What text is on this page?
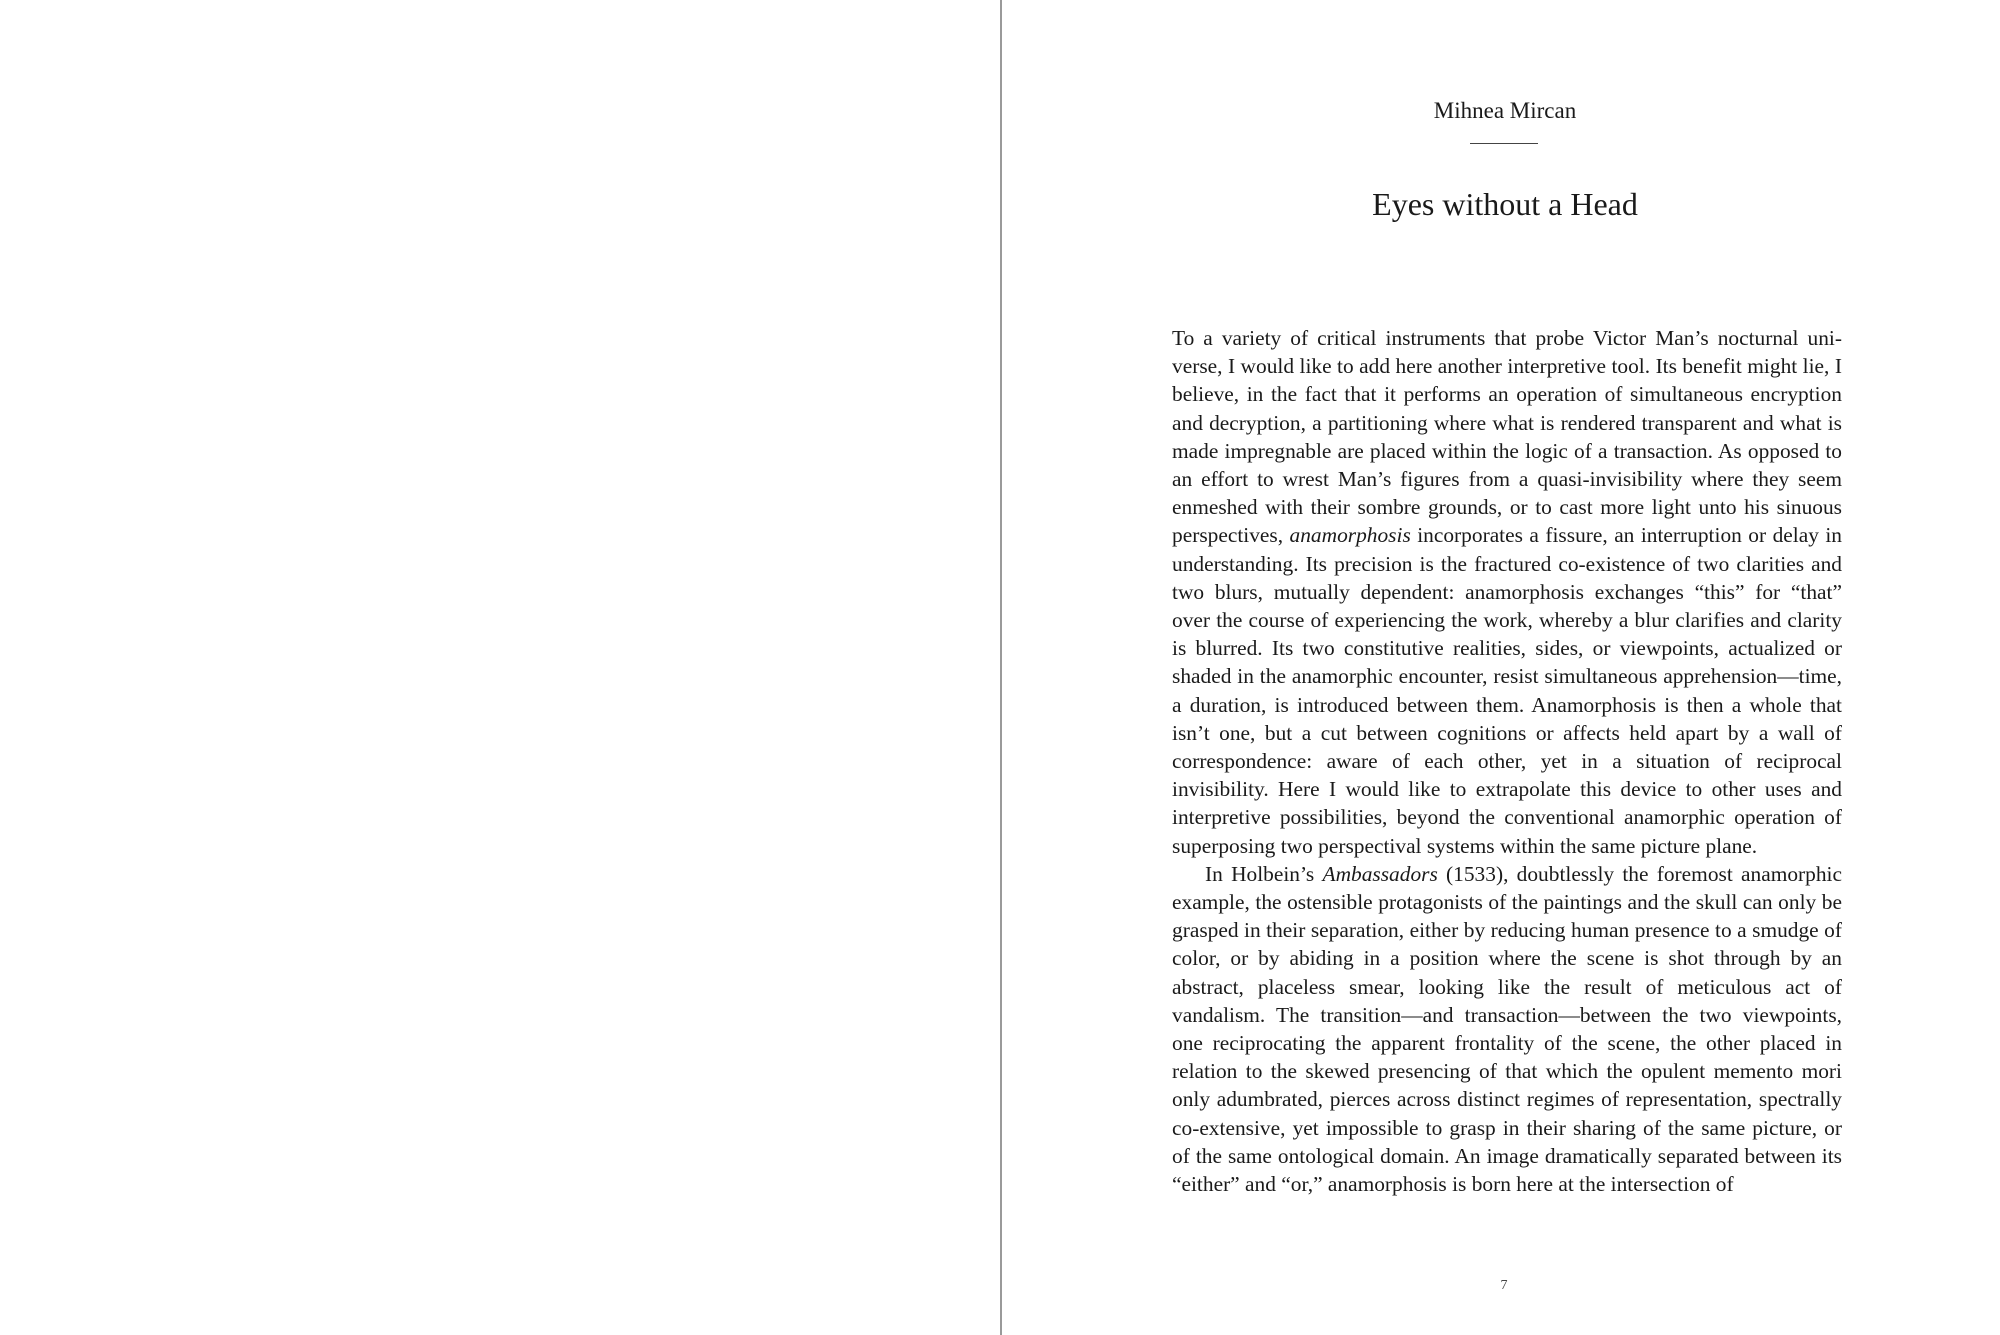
Mihnea Mircan
Eyes without a Head

To a variety of critical instruments that probe Victor Man’s nocturnal universe, I would like to add here another interpretive tool. Its benefit might lie, I believe, in the fact that it performs an operation of simultaneous encryption and decryption, a partitioning where what is rendered transparent and what is made impregnable are placed within the logic of a transaction. As opposed to an effort to wrest Man’s figures from a quasi-invisibility where they seem enmeshed with their sombre grounds, or to cast more light unto his sinuous perspectives, anamorphosis incorporates a fissure, an interruption or delay in understanding. Its precision is the fractured co-existence of two clarities and two blurs, mutually dependent: anamorphosis exchanges “this” for “that” over the course of experiencing the work, whereby a blur clarifies and clarity is blurred. Its two constitutive realities, sides, or viewpoints, actualized or shaded in the anamorphic encounter, resist simultaneous apprehension—time, a duration, is introduced between them. Anamorphosis is then a whole that isn’t one, but a cut between cognitions or affects held apart by a wall of correspondence: aware of each other, yet in a situation of reciprocal invisibility. Here I would like to extrapolate this device to other uses and interpretive possibilities, beyond the conventional anamorphic operation of superposing two perspectival systems within the same picture plane.

In Holbein’s Ambassadors (1533), doubtlessly the foremost anamorphic example, the ostensible protagonists of the paintings and the skull can only be grasped in their separation, either by reducing human presence to a smudge of color, or by abiding in a position where the scene is shot through by an abstract, placeless smear, looking like the result of meticulous act of vandalism. The transition—and transaction—between the two viewpoints, one reciprocating the apparent frontality of the scene, the other placed in relation to the skewed presencing of that which the opulent memento mori only adumbrated, pierces across distinct regimes of representation, spectrally co-extensive, yet impossible to grasp in their sharing of the same picture, or of the same ontological domain. An image dramatically separated between its “either” and “or,” anamorphosis is born here at the intersection of

7
